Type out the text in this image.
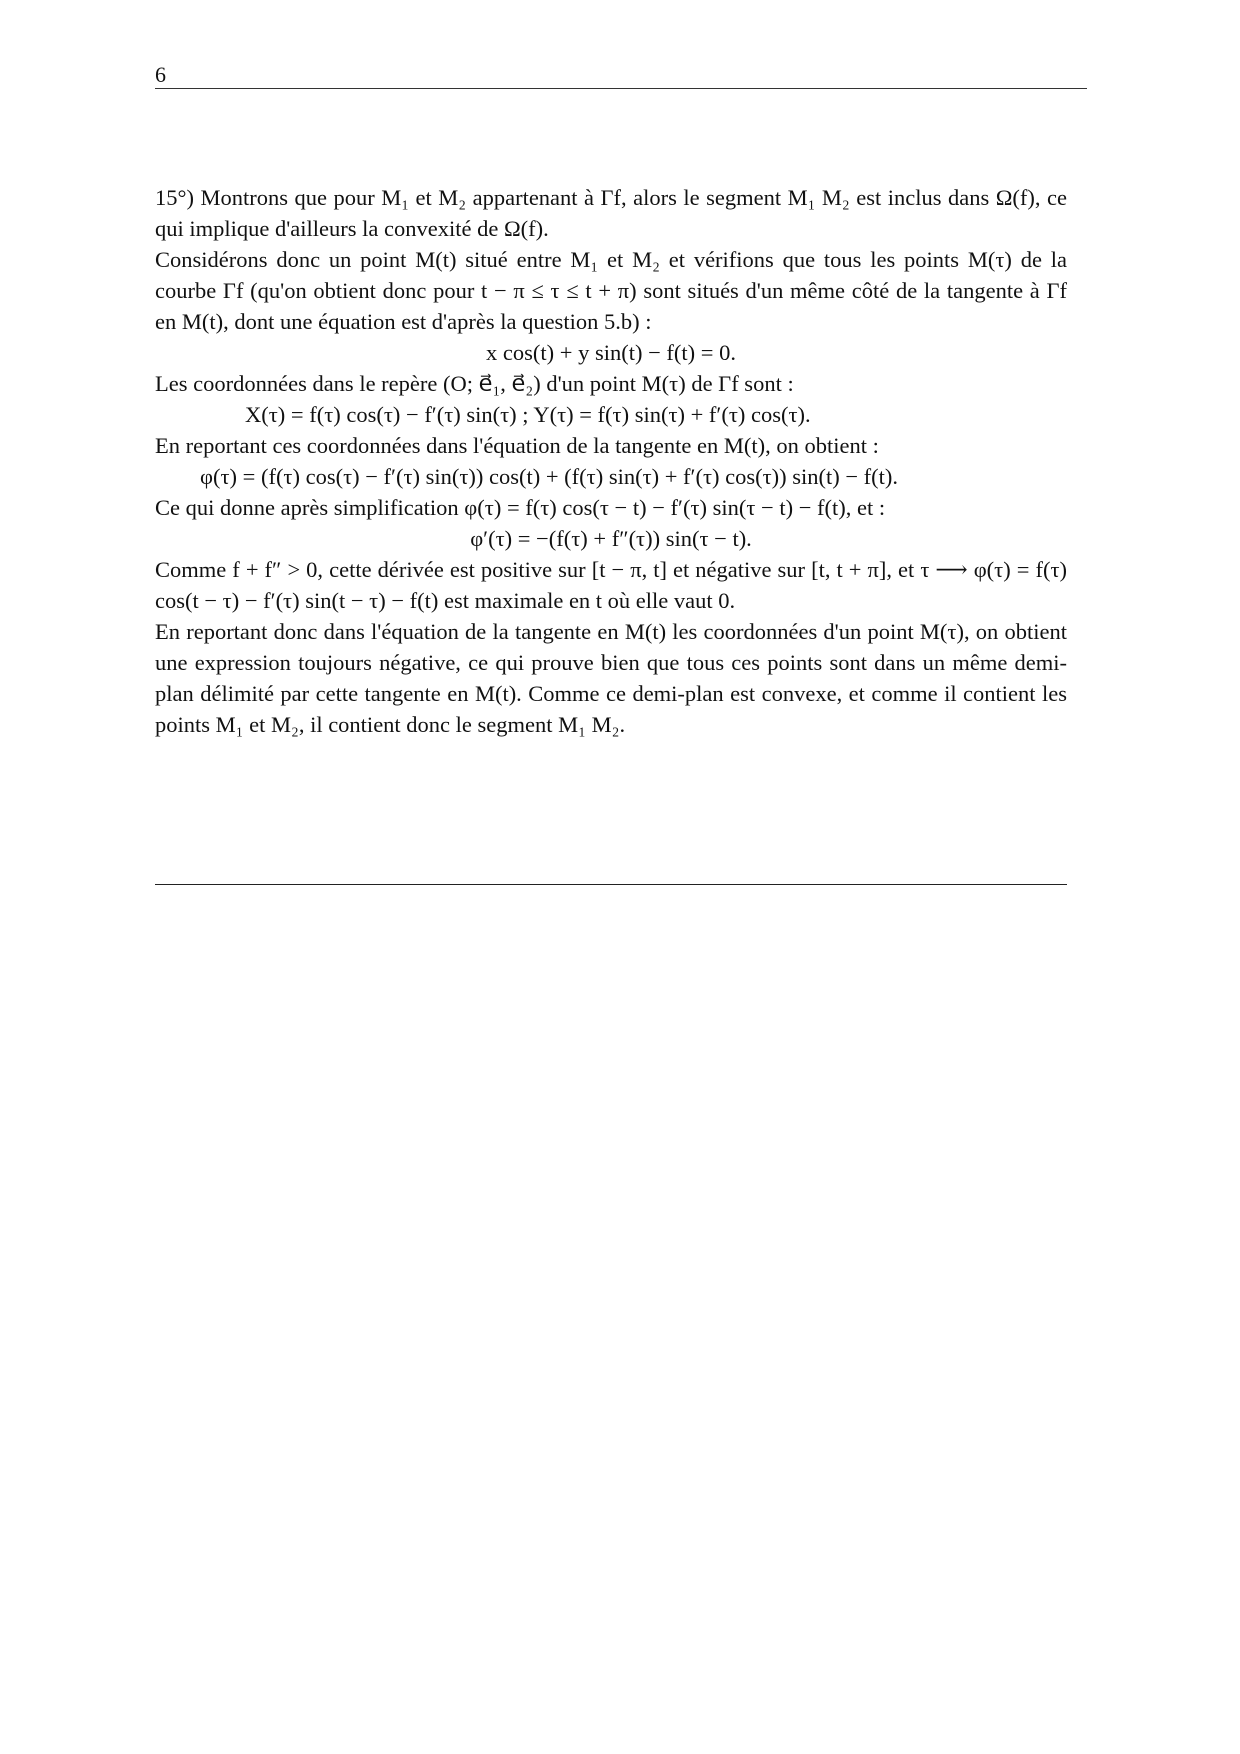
6

15°) Montrons que pour M₁ et M₂ appartenant à Γf, alors le segment M₁ M₂ est inclus dans Ω(f), ce qui implique d'ailleurs la convexité de Ω(f).

Considérons donc un point M(t) situé entre M₁ et M₂ et vérifions que tous les points M(τ) de la courbe Γf (qu'on obtient donc pour t − π ≤ τ ≤ t + π) sont situés d'un même côté de la tangente à Γf en M(t), dont une équation est d'après la question 5.b) :

x cos(t) + y sin(t) − f(t) = 0.

Les coordonnées dans le repère (O; e⃗₁, e⃗₂) d'un point M(τ) de Γf sont :

X(τ) = f(τ) cos(τ) − f′(τ) sin(τ) ; Y(τ) = f(τ) sin(τ) + f′(τ) cos(τ).

En reportant ces coordonnées dans l'équation de la tangente en M(t), on obtient :

φ(τ) = (f(τ) cos(τ) − f′(τ) sin(τ)) cos(t) + (f(τ) sin(τ) + f′(τ) cos(τ)) sin(t) − f(t).

Ce qui donne après simplification φ(τ) = f(τ) cos(τ − t) − f′(τ) sin(τ − t) − f(t), et :

φ′(τ) = −(f(τ) + f″(τ)) sin(τ − t).

Comme f + f″ > 0, cette dérivée est positive sur [t − π, t] et négative sur [t, t + π], et τ ⟶ φ(τ) = f(τ) cos(t − τ) − f′(τ) sin(t − τ) − f(t) est maximale en t où elle vaut 0.

En reportant donc dans l'équation de la tangente en M(t) les coordonnées d'un point M(τ), on obtient une expression toujours négative, ce qui prouve bien que tous ces points sont dans un même demi-plan délimité par cette tangente en M(t). Comme ce demi-plan est convexe, et comme il contient les points M₁ et M₂, il contient donc le segment M₁ M₂.
